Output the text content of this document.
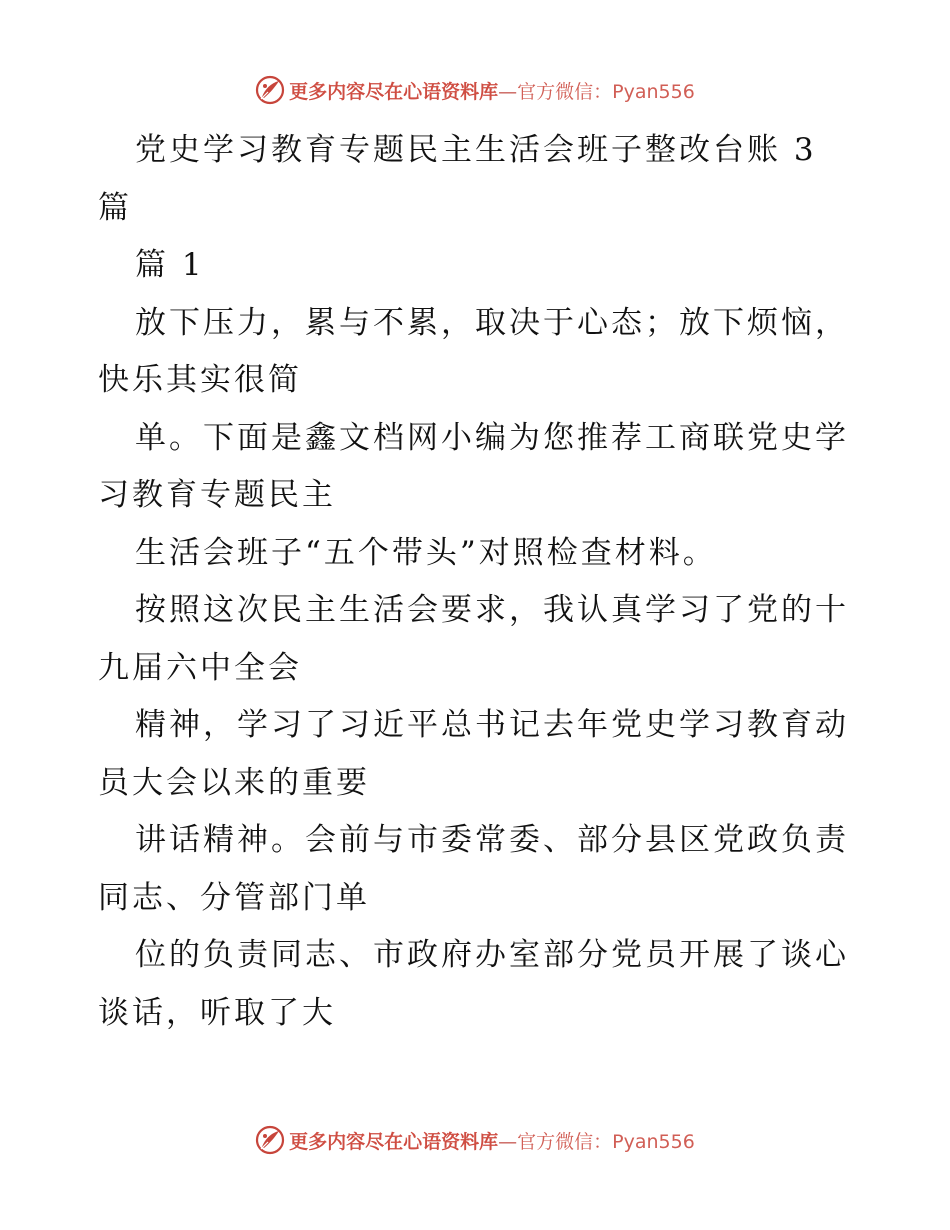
更多内容尽在心语资料库—官方微信：Pyan556

党史学习教育专题民主生活会班子整改台账 3
篇

篇 1

放下压力，累与不累，取决于心态；放下烦恼，
快乐其实很简

单。下面是鑫文档网小编为您推荐工商联党史学
习教育专题民主

生活会班子“五个带头”对照检查材料。

按照这次民主生活会要求，我认真学习了党的十
九届六中全会

精神，学习了习近平总书记去年党史学习教育动
员大会以来的重要

讲话精神。会前与市委常委、部分县区党政负责
同志、分管部门单

位的负责同志、市政府办室部分党员开展了谈心
谈话，听取了大

更多内容尽在心语资料库—官方微信：Pyan556
